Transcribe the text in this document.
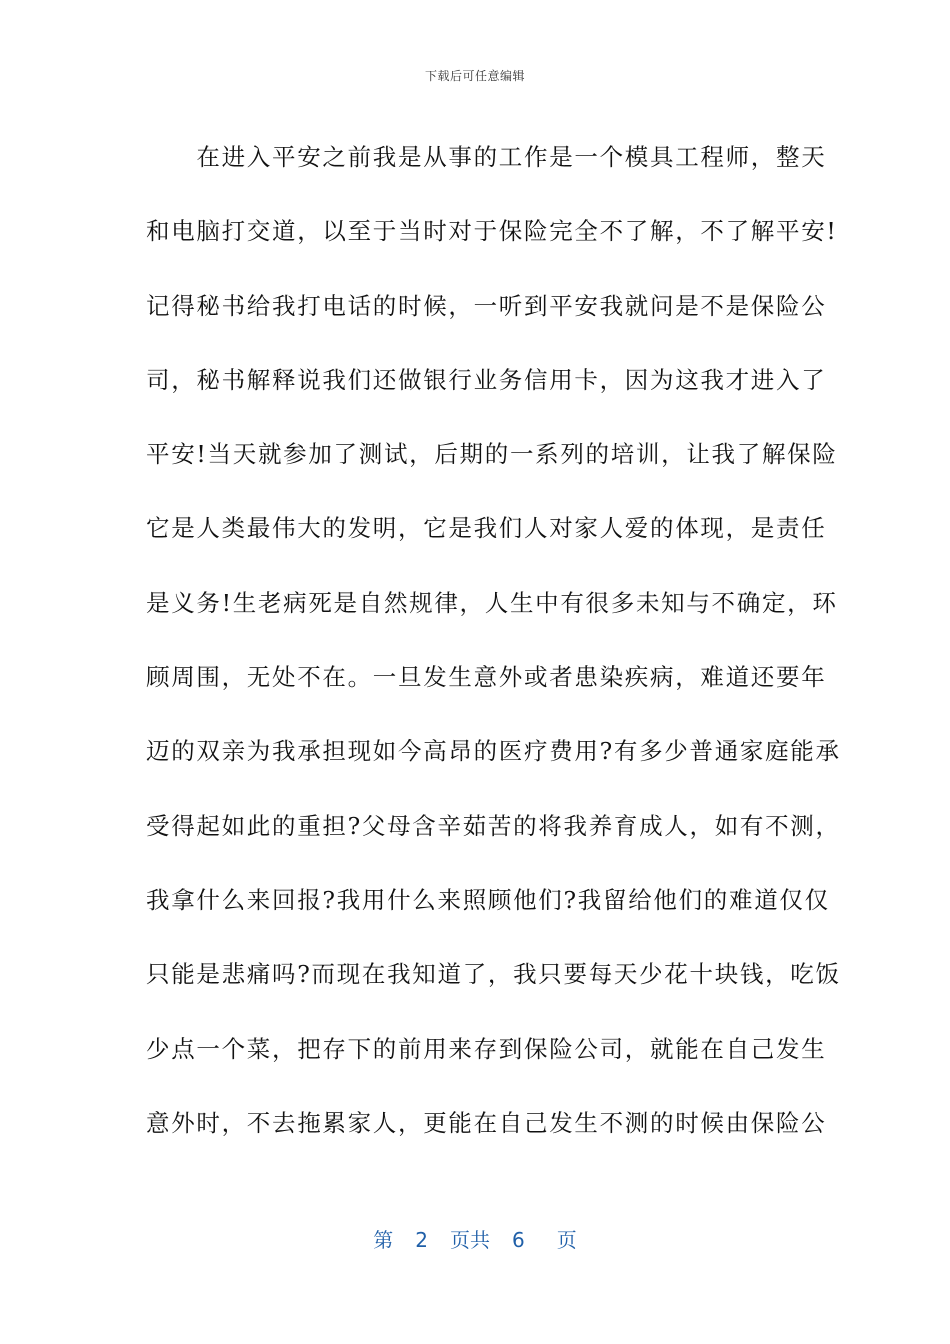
下载后可任意编辑
　　在进入平安之前我是从事的工作是一个模具工程师，整天
和电脑打交道，以至于当时对于保险完全不了解，不了解平安!
记得秘书给我打电话的时候，一听到平安我就问是不是保险公
司，秘书解释说我们还做银行业务信用卡，因为这我才进入了
平安!当天就参加了测试，后期的一系列的培训，让我了解保险
它是人类最伟大的发明，它是我们人对家人爱的体现，是责任
是义务!生老病死是自然规律，人生中有很多未知与不确定，环
顾周围，无处不在。一旦发生意外或者患染疾病，难道还要年
迈的双亲为我承担现如今高昂的医疗费用?有多少普通家庭能承
受得起如此的重担?父母含辛茹苦的将我养育成人，如有不测，
我拿什么来回报?我用什么来照顾他们?我留给他们的难道仅仅
只能是悲痛吗?而现在我知道了，我只要每天少花十块钱，吃饭
少点一个菜，把存下的前用来存到保险公司，就能在自己发生
意外时，不去拖累家人，更能在自己发生不测的时候由保险公
第 2 页共 6 页
